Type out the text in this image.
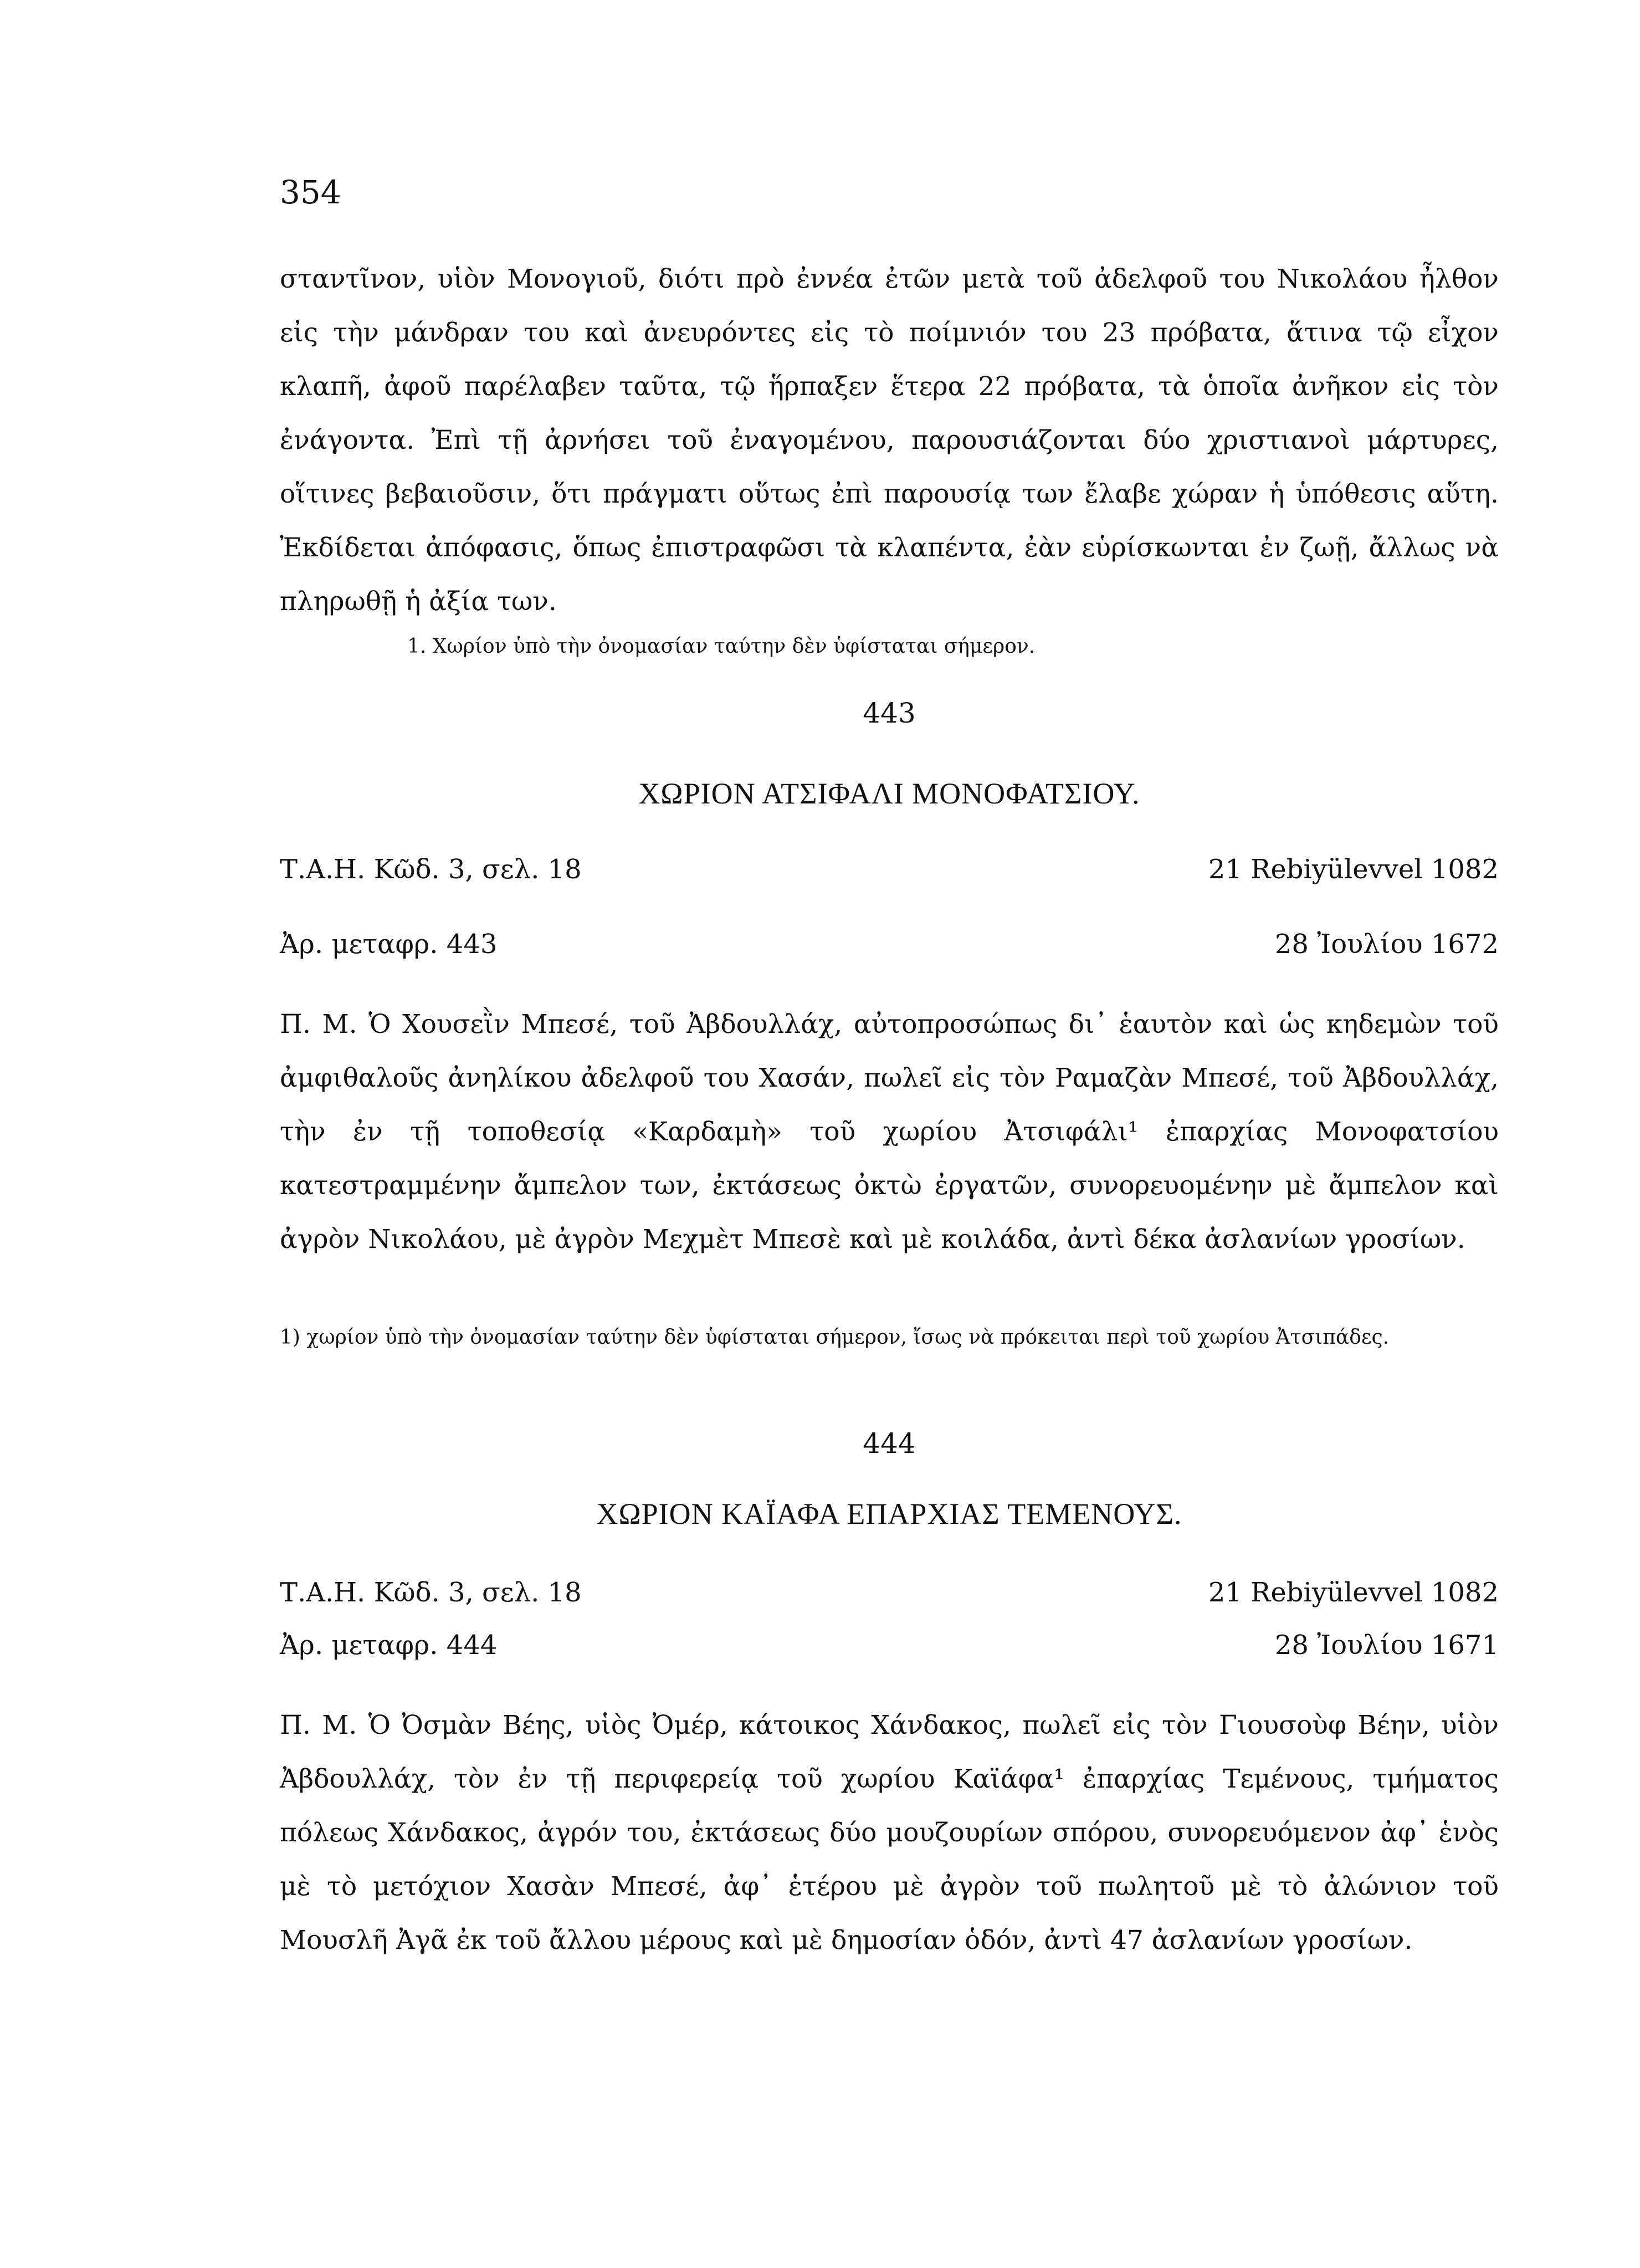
354

σταντῖνον, υἱὸν Μονογιοῦ, διότι πρὸ ἐννέα ἐτῶν μετὰ τοῦ ἀδελφοῦ του Νικολάου ἦλθον εἰς τὴν μάνδραν του καὶ ἀνευρόντες εἰς τὸ ποίμνιόν του 23 πρόβατα, ἅτινα τῷ εἶχον κλαπῆ, ἀφοῦ παρέλαβεν ταῦτα, τῷ ἥρπαξεν ἕτερα 22 πρόβατα, τὰ ὁποῖα ἀνῆκον εἰς τὸν ἐνάγοντα. Ἐπὶ τῇ ἀρνήσει τοῦ ἐναγομένου, παρουσιάζονται δύο χριστιανοὶ μάρτυρες, οἵτινες βεβαιοῦσιν, ὅτι πράγματι οὕτως ἐπὶ παρουσίᾳ των ἔλαβε χώραν ἡ ὑπόθεσις αὕτη. Ἐκδίδεται ἀπόφασις, ὅπως ἐπιστραφῶσι τὰ κλαπέντα, ἐὰν εὑρίσκωνται ἐν ζωῇ, ἄλλως νὰ πληρωθῇ ἡ ἀξία των.

1. Χωρίον ὑπὸ τὴν ὀνομασίαν ταύτην δὲν ὑφίσταται σήμερον.

443

ΧΩΡΙΟΝ ΑΤΣΙΦΑΛΙ ΜΟΝΟΦΑΤΣΙΟΥ.

Τ.Α.Η. Κῶδ. 3, σελ. 18	21 Rebiyülevvel 1082
Ἀρ. μεταφρ. 443	28 Ἰουλίου 1672

Π. Μ. Ὁ Χουσεῒν Μπεσέ, τοῦ Ἀβδουλλάχ, αὐτοπροσώπως δι᾽ ἑαυτὸν καὶ ὡς κηδεμὼν τοῦ ἀμφιθαλοῦς ἀνηλίκου ἀδελφοῦ του Χασάν, πωλεῖ εἰς τὸν Ραμαζὰν Μπεσέ, τοῦ Ἀβδουλλάχ, τὴν ἐν τῇ τοποθεσίᾳ «Καρδαμὴ» τοῦ χωρίου Ἀτσιφάλι¹ ἐπαρχίας Μονοφατσίου κατεστραμμένην ἄμπελον των, ἐκτάσεως ὀκτὼ ἐργατῶν, συνορευομένην μὲ ἄμπελον καὶ ἀγρὸν Νικολάου, μὲ ἀγρὸν Μεχμὲτ Μπεσὲ καὶ μὲ κοιλάδα, ἀντὶ δέκα ἀσλανίων γροσίων.

1) χωρίον ὑπὸ τὴν ὀνομασίαν ταύτην δὲν ὑφίσταται σήμερον, ἴσως νὰ πρόκειται περὶ τοῦ χωρίου Ἀτσιπάδες.

444

ΧΩΡΙΟΝ ΚΑΪΑΦΑ ΕΠΑΡΧΙΑΣ ΤΕΜΕΝΟΥΣ.

Τ.Α.Η. Κῶδ. 3, σελ. 18	21 Rebiyülevvel 1082
Ἀρ. μεταφρ. 444	28 Ἰουλίου 1671

Π. Μ. Ὁ Ὀσμὰν Βέης, υἱὸς Ὀμέρ, κάτοικος Χάνδακος, πωλεῖ εἰς τὸν Γιουσοὺφ Βέην, υἱὸν Ἀβδουλλάχ, τὸν ἐν τῇ περιφερείᾳ τοῦ χωρίου Καϊάφα¹ ἐπαρχίας Τεμένους, τμήματος πόλεως Χάνδακος, ἀγρόν του, ἐκτάσεως δύο μουζουρίων σπόρου, συνορευόμενον ἀφ᾽ ἑνὸς μὲ τὸ μετόχιον Χασὰν Μπεσέ, ἀφ᾽ ἑτέρου μὲ ἀγρὸν τοῦ πωλητοῦ μὲ τὸ ἀλώνιον τοῦ Μουσλῆ Ἀγᾶ ἐκ τοῦ ἄλλου μέρους καὶ μὲ δημοσίαν ὁδόν, ἀντὶ 47 ἀσλανίων γροσίων.
